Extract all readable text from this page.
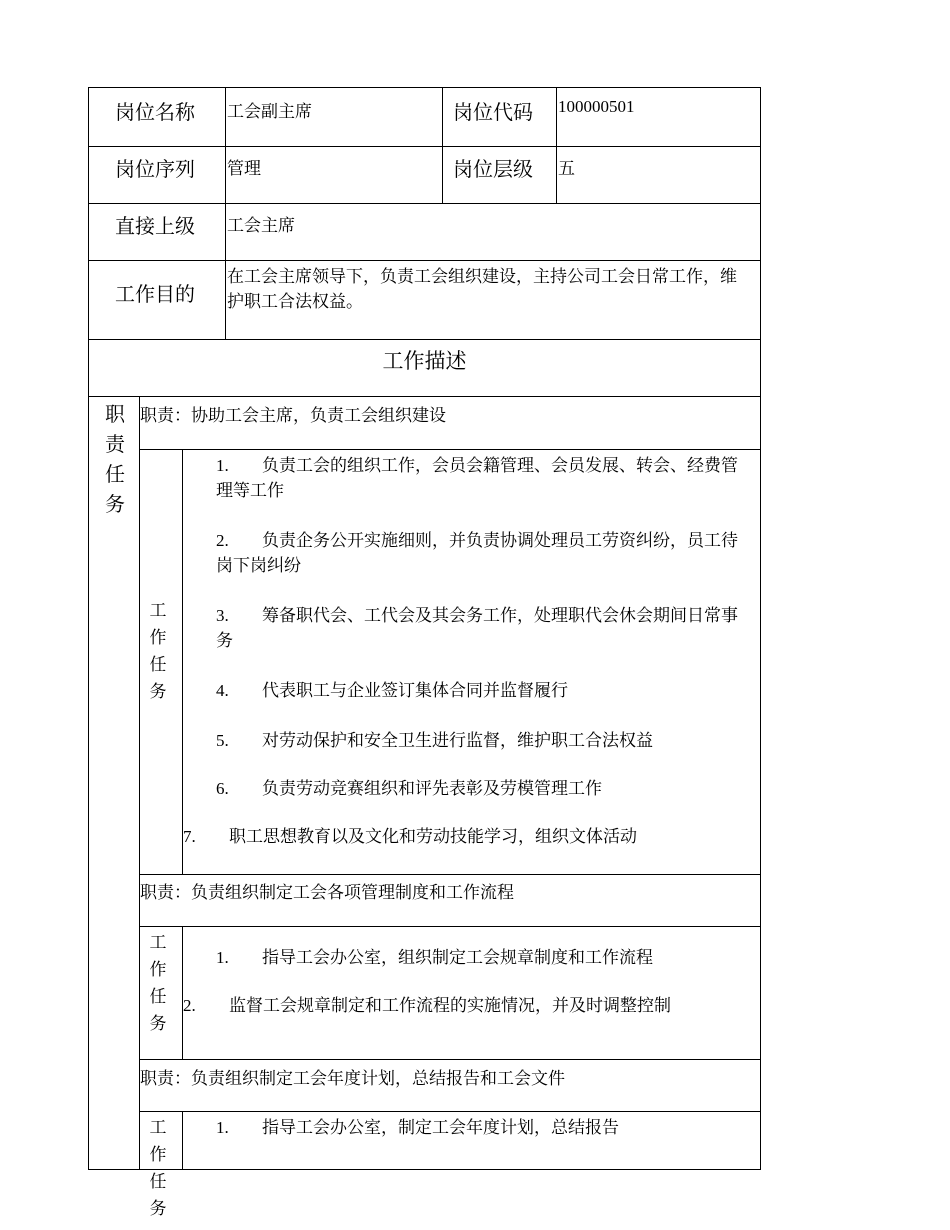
岗位名称 工会副主席	岗位代码 100000501
岗位序列 管理	岗位层级 五
直接上级 工会主席
工作目的
在工会主席领导下，负责工会组织建设，主持公司工会日常工作，维护职工合法权益。
工作描述
职责任务
职责：协助工会主席，负责工会组织建设
工作任务
1. 负责工会的组织工作，会员会籍管理、会员发展、转会、经费管理等工作
2. 负责企务公开实施细则，并负责协调处理员工劳资纠纷，员工待岗下岗纠纷
3. 筹备职代会、工代会及其会务工作，处理职代会休会期间日常事务
4. 代表职工与企业签订集体合同并监督履行
5. 对劳动保护和安全卫生进行监督，维护职工合法权益
6. 负责劳动竞赛组织和评先表彰及劳模管理工作
7. 职工思想教育以及文化和劳动技能学习，组织文体活动
职责：负责组织制定工会各项管理制度和工作流程
工作任务
1. 指导工会办公室，组织制定工会规章制度和工作流程
2. 监督工会规章制定和工作流程的实施情况，并及时调整控制
职责：负责组织制定工会年度计划，总结报告和工会文件
工作任务
1. 指导工会办公室，制定工会年度计划，总结报告
